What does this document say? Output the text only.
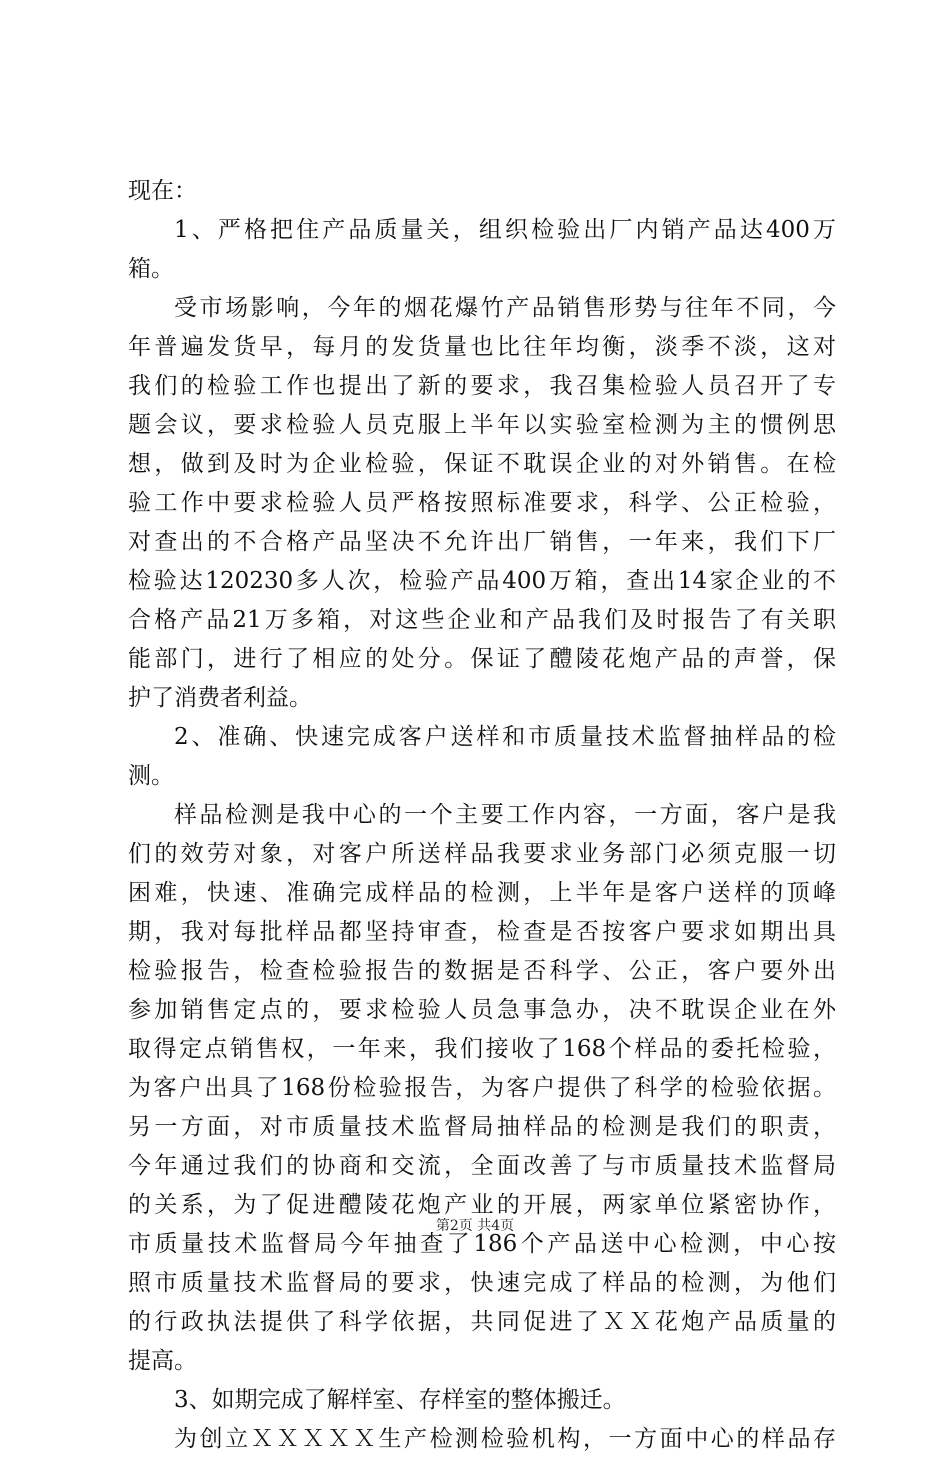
现在：
1、严格把住产品质量关，组织检验出厂内销产品达400万
箱。
受市场影响，今年的烟花爆竹产品销售形势与往年不同，今
年普遍发货早，每月的发货量也比往年均衡，淡季不淡，这对
我们的检验工作也提出了新的要求，我召集检验人员召开了专
题会议，要求检验人员克服上半年以实验室检测为主的惯例思
想，做到及时为企业检验，保证不耽误企业的对外销售。在检
验工作中要求检验人员严格按照标准要求，科学、公正检验，
对查出的不合格产品坚决不允许出厂销售，一年来，我们下厂
检验达120230多人次，检验产品400万箱，查出14家企业的不
合格产品21万多箱，对这些企业和产品我们及时报告了有关职
能部门，进行了相应的处分。保证了醴陵花炮产品的声誉，保
护了消费者利益。
2、准确、快速完成客户送样和市质量技术监督抽样品的检
测。
样品检测是我中心的一个主要工作内容，一方面，客户是我
们的效劳对象，对客户所送样品我要求业务部门必须克服一切
困难，快速、准确完成样品的检测，上半年是客户送样的顶峰
期，我对每批样品都坚持审查，检查是否按客户要求如期出具
检验报告，检查检验报告的数据是否科学、公正，客户要外出
参加销售定点的，要求检验人员急事急办，决不耽误企业在外
取得定点销售权，一年来，我们接收了168个样品的委托检验，
为客户出具了168份检验报告，为客户提供了科学的检验依据。
另一方面，对市质量技术监督局抽样品的检测是我们的职责，
今年通过我们的协商和交流，全面改善了与市质量技术监督局
的关系，为了促进醴陵花炮产业的开展，两家单位紧密协作，
市质量技术监督局今年抽查了186个产品送中心检测，中心按
照市质量技术监督局的要求，快速完成了样品的检测，为他们
的行政执法提供了科学依据，共同促进了ＸＸ花炮产品质量的
提高。
3、如期完成了解样室、存样室的整体搬迁。
为创立ＸＸＸＸＸ生产检测检验机构，一方面中心的样品存
第2页 共4页
